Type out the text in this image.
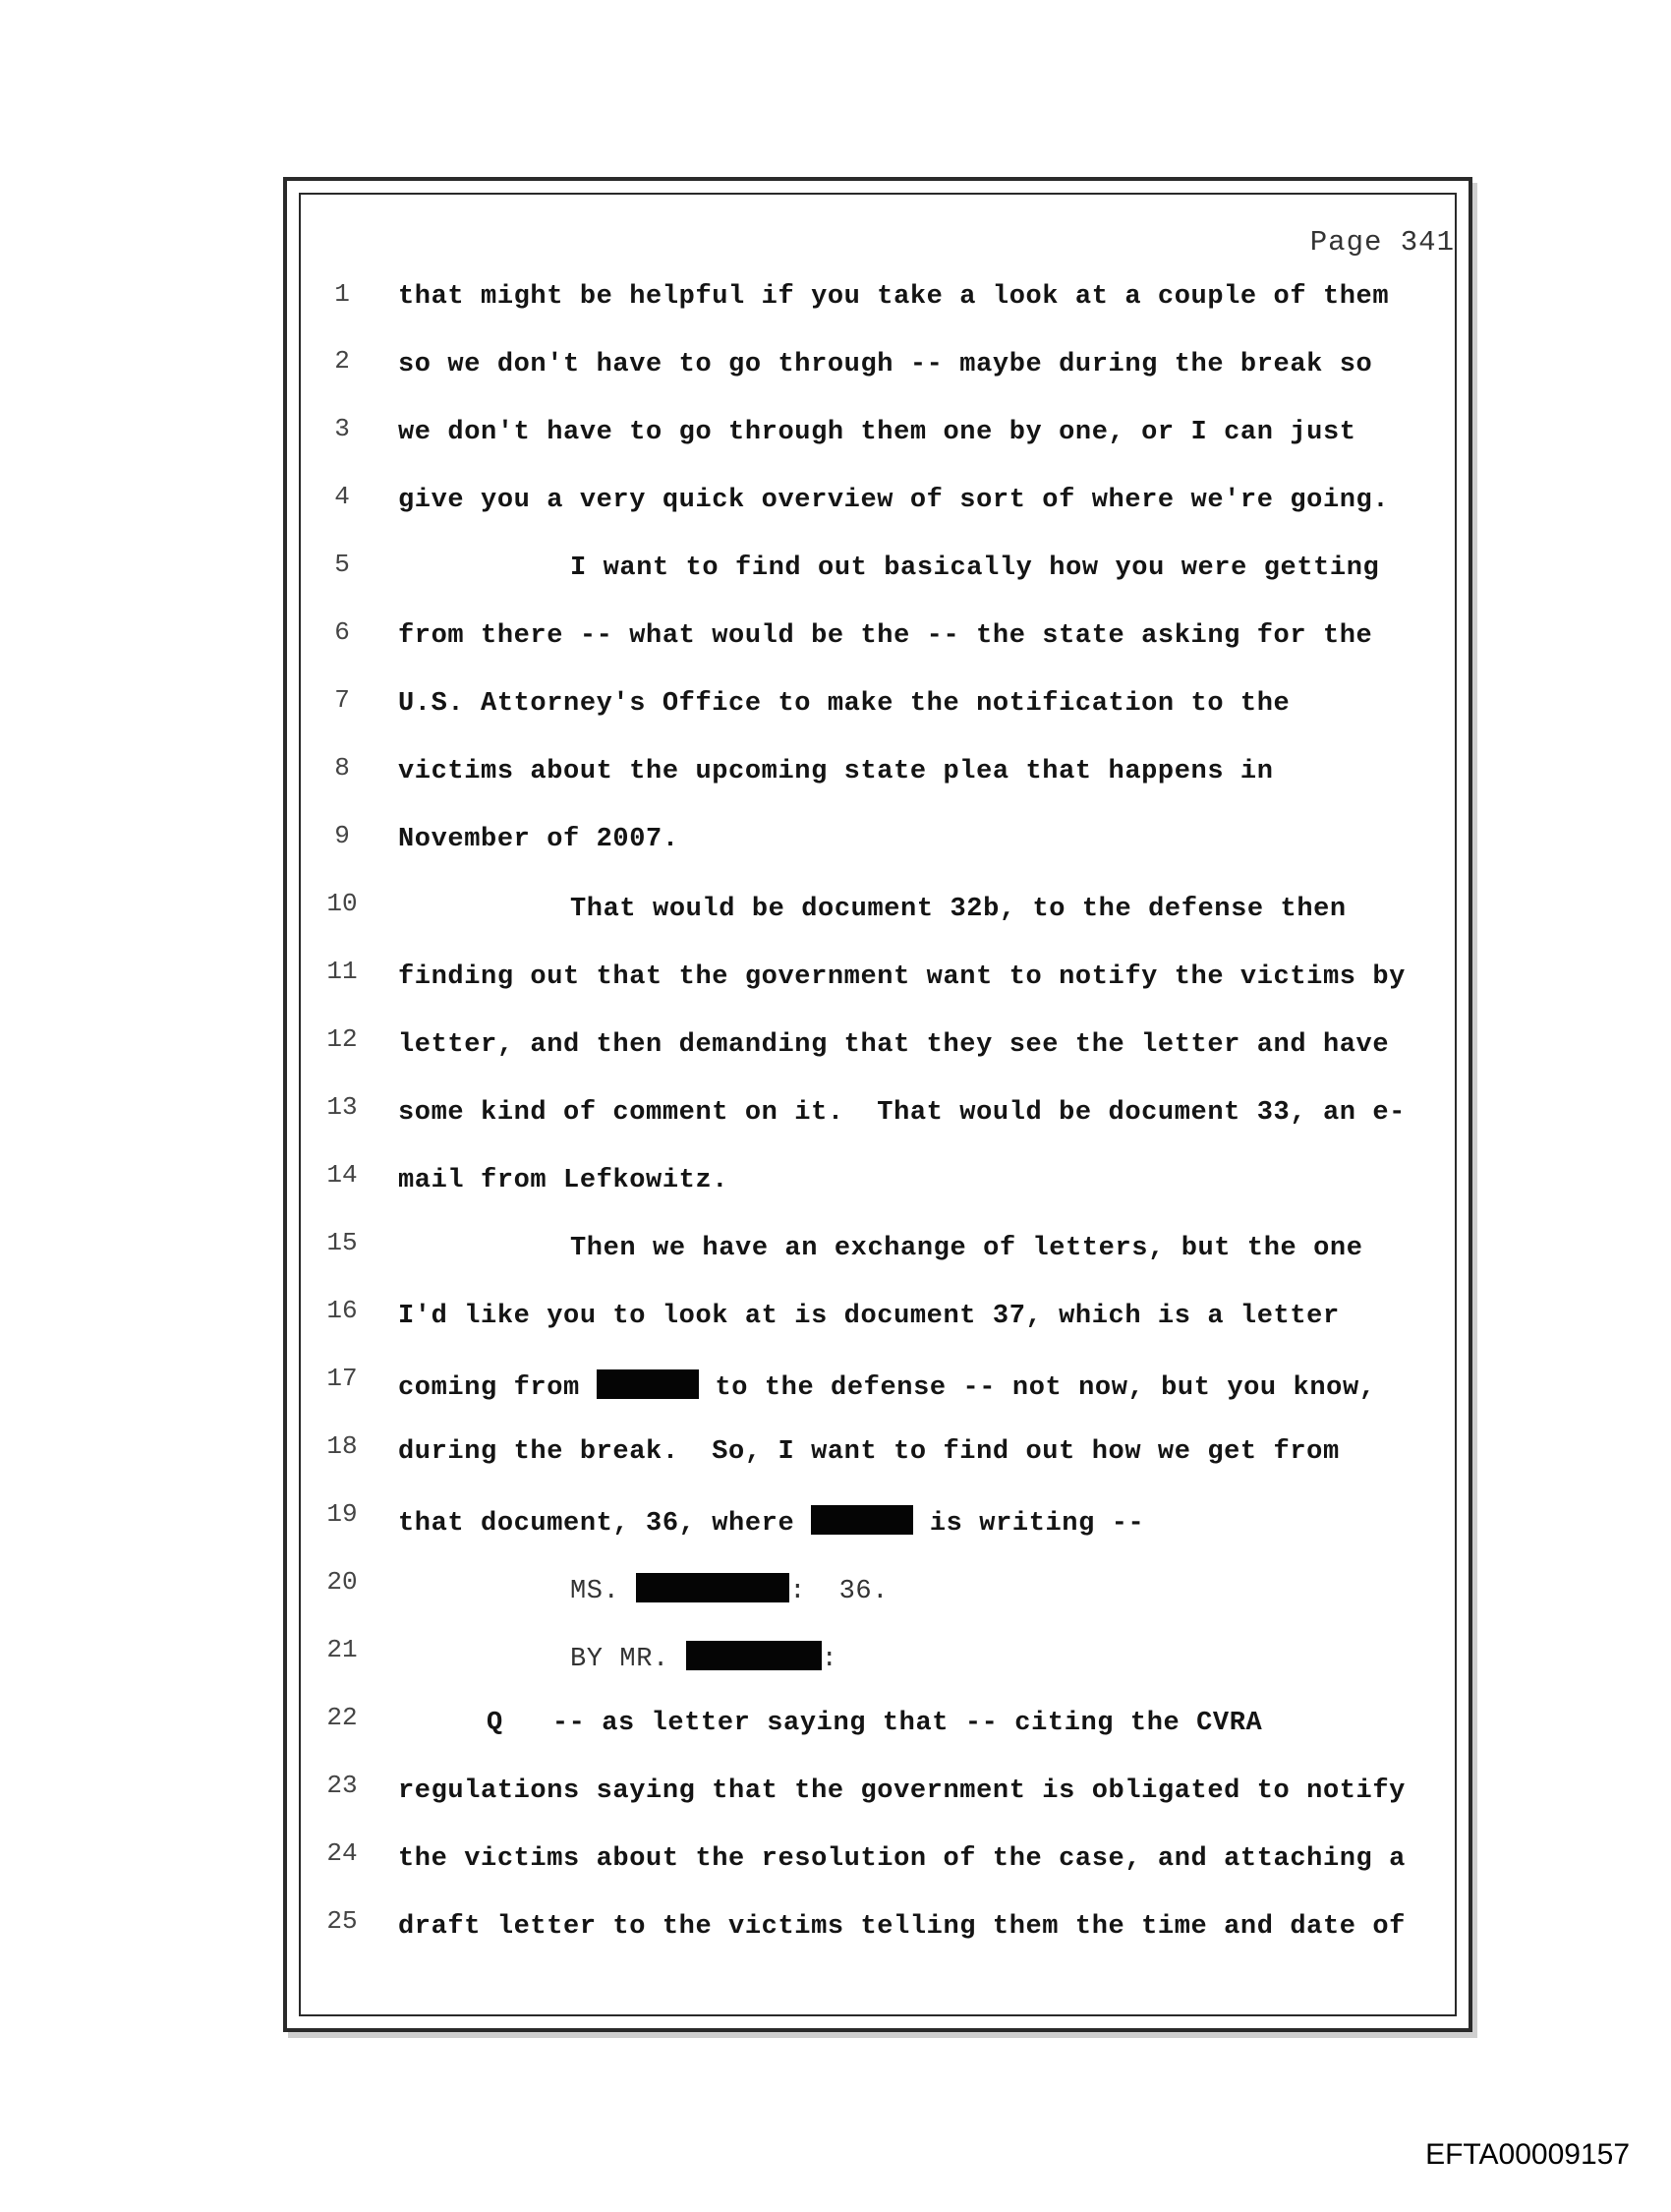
Page 341
1
2
3
4
5
6
7
8
9
10
11
12
13
14
15
16
17
18
19
20
21
22
23
24
25
that might be helpful if you take a look at a couple of them
so we don't have to go through -- maybe during the break so
we don't have to go through them one by one, or I can just
give you a very quick overview of sort of where we're going.
I want to find out basically how you were getting
from there -- what would be the -- the state asking for the
U.S. Attorney's Office to make the notification to the
victims about the upcoming state plea that happens in
November of 2007.
That would be document 32b, to the defense then
finding out that the government want to notify the victims by
letter, and then demanding that they see the letter and have
some kind of comment on it.  That would be document 33, an e-
mail from Lefkowitz.
Then we have an exchange of letters, but the one
I'd like you to look at is document 37, which is a letter
coming from	to the defense -- not now, but you know,
during the break.  So, I want to find out how we get from
that document, 36, where	is writing --
MS.	:  36.
BY MR.	:
Q -- as letter saying that -- citing the CVRA
regulations saying that the government is obligated to notify
the victims about the resolution of the case, and attaching a
draft letter to the victims telling them the time and date of
EFTA00009157
